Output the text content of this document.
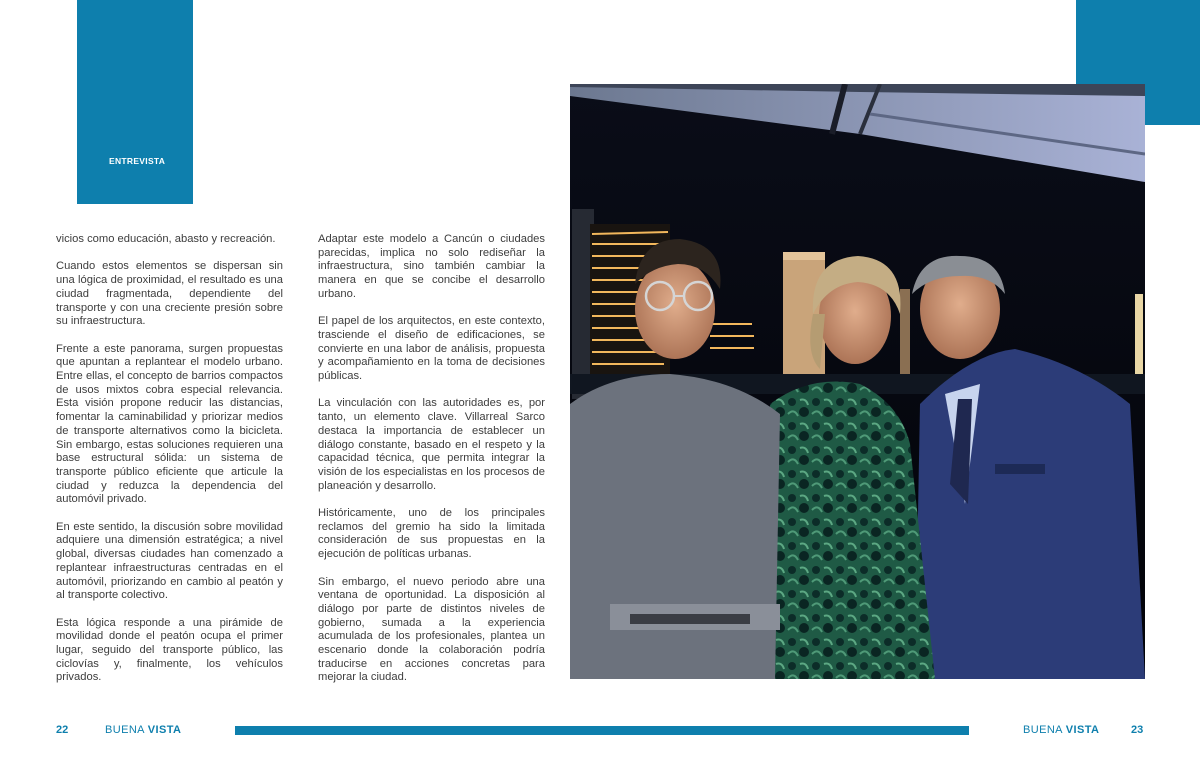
ENTREVISTA

vicios como educación, abasto y recreación.

Cuando estos elementos se dispersan sin una lógica de proximidad, el resultado es una ciudad fragmentada, dependiente del transporte y con una creciente presión sobre su infraestructura.

Frente a este panorama, surgen propuestas que apuntan a replantear el modelo urbano. Entre ellas, el concepto de barrios compactos de usos mixtos cobra especial relevancia. Esta visión propone reducir las distancias, fomentar la caminabilidad y priorizar medios de transporte alternativos como la bicicleta. Sin embargo, estas soluciones requieren una base estructural sólida: un sistema de transporte público eficiente que articule la ciudad y reduzca la dependencia del automóvil privado.

En este sentido, la discusión sobre movilidad adquiere una dimensión estratégica; a nivel global, diversas ciudades han comenzado a replantear infraestructuras centradas en el automóvil, priorizando en cambio al peatón y al transporte colectivo.

Esta lógica responde a una pirámide de movilidad donde el peatón ocupa el primer lugar, seguido del transporte público, las ciclovías y, finalmente, los vehículos privados.

Adaptar este modelo a Cancún o ciudades parecidas, implica no solo rediseñar la infraestructura, sino también cambiar la manera en que se concibe el desarrollo urbano.

El papel de los arquitectos, en este contexto, trasciende el diseño de edificaciones, se convierte en una labor de análisis, propuesta y acompañamiento en la toma de decisiones públicas.

La vinculación con las autoridades es, por tanto, un elemento clave. Villarreal Sarco destaca la importancia de establecer un diálogo constante, basado en el respeto y la capacidad técnica, que permita integrar la visión de los especialistas en los procesos de planeación y desarrollo.

Históricamente, uno de los principales reclamos del gremio ha sido la limitada consideración de sus propuestas en la ejecución de políticas urbanas.

Sin embargo, el nuevo periodo abre una ventana de oportunidad. La disposición al diálogo por parte de distintos niveles de gobierno, sumada a la experiencia acumulada de los profesionales, plantea un escenario donde la colaboración podría traducirse en acciones concretas para mejorar la ciudad.

22	BUENA VISTA	BUENA VISTA	23
